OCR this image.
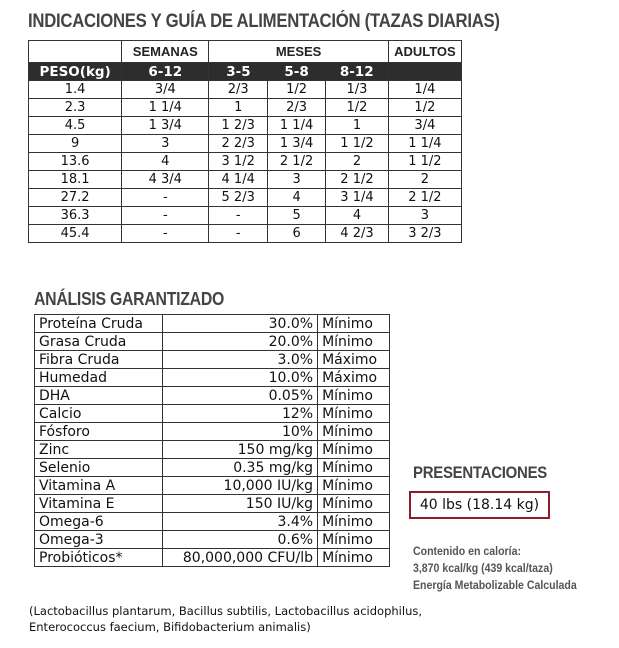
INDICACIONES Y GUÍA DE ALIMENTACIÓN (TAZAS DIARIAS)
	SEMANAS	MESES			ADULTOS
PESO(kg)	6-12	3-5	5-8	8-12	
1.4	3/4	2/3	1/2	1/3	1/4
2.3	1 1/4	1	2/3	1/2	1/2
4.5	1 3/4	1 2/3	1 1/4	1	3/4
9	3	2 2/3	1 3/4	1 1/2	1 1/4
13.6	4	3 1/2	2 1/2	2	1 1/2
18.1	4 3/4	4 1/4	3	2 1/2	2
27.2	-	5 2/3	4	3 1/4	2 1/2
36.3	-	-	5	4	3
45.4	-	-	6	4 2/3	3 2/3
ANÁLISIS GARANTIZADO
Proteína Cruda	30.0%	Mínimo
Grasa Cruda	20.0%	Mínimo
Fibra Cruda	3.0%	Máximo
Humedad	10.0%	Máximo
DHA	0.05%	Mínimo
Calcio	12%	Mínimo
Fósforo	10%	Mínimo
Zinc	150 mg/kg	Mínimo
Selenio	0.35 mg/kg	Mínimo
Vitamina A	10,000 IU/kg	Mínimo
Vitamina E	150 IU/kg	Mínimo
Omega-6	3.4%	Mínimo
Omega-3	0.6%	Mínimo
Probióticos*	80,000,000 CFU/lb	Mínimo
PRESENTACIONES
40 lbs (18.14 kg)
Contenido en caloría:
3,870 kcal/kg (439 kcal/taza)
Energía Metabolizable Calculada
(Lactobacillus plantarum, Bacillus subtilis, Lactobacillus acidophilus,
Enterococcus faecium, Bifidobacterium animalis)
